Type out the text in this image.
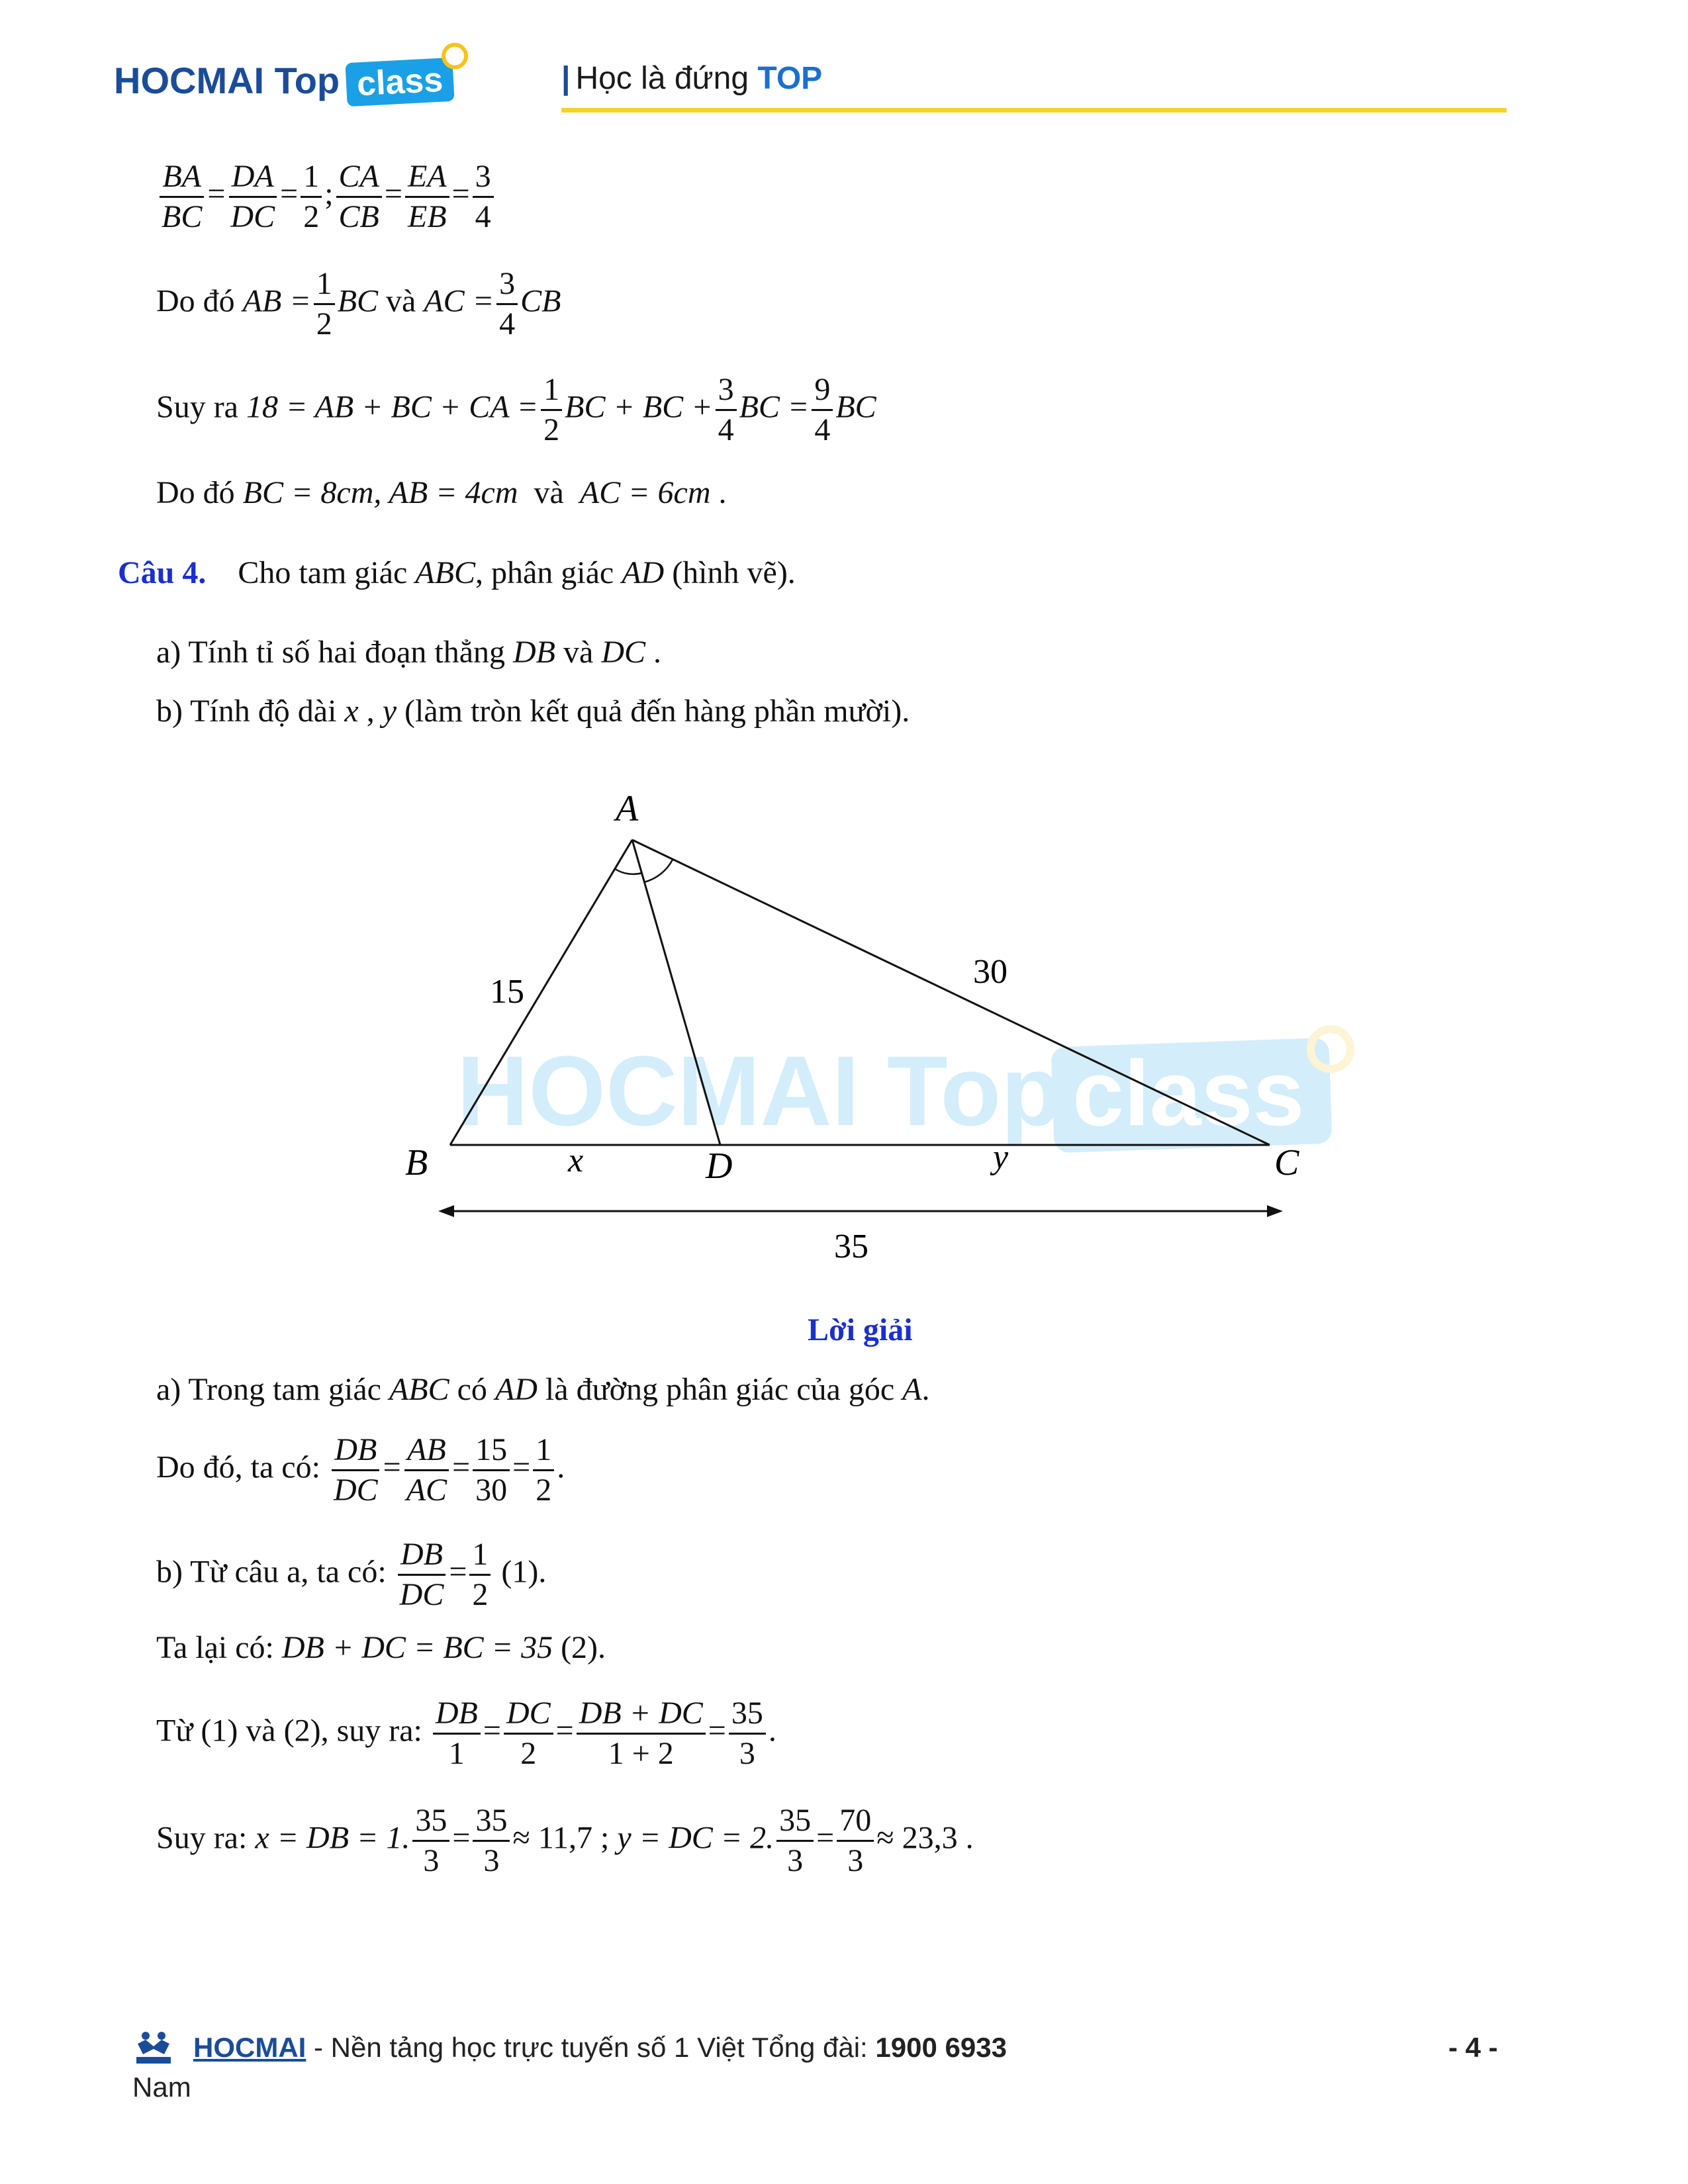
HOCMAI Top class	| Học là đứng TOP
$\frac{BA}{BC} = \frac{DA}{DC} = \frac{1}{2}$ ; $\frac{CA}{CB} = \frac{EA}{EB} = \frac{3}{4}$
Do đó AB = $\frac{1}{2}$ BC và AC = $\frac{3}{4}$ CB
Suy ra 18 = AB + BC + CA = $\frac{1}{2}$ BC + BC + $\frac{3}{4}$ BC = $\frac{9}{4}$ BC
Do đó BC = 8cm, AB = 4cm và AC = 6cm .
Câu 4. Cho tam giác ABC, phân giác AD (hình vẽ).
a) Tính tỉ số hai đoạn thẳng DB và DC .
b) Tính độ dài x , y (làm tròn kết quả đến hàng phần mười).
HOCMAI Top class
A
B	C
D
15
30
x	y
35
Lời giải
a) Trong tam giác ABC có AD là đường phân giác của góc A.
Do đó, ta có: $\frac{DB}{DC} = \frac{AB}{AC} = \frac{15}{30} = \frac{1}{2}$ .
b) Từ câu a, ta có: $\frac{DB}{DC} = \frac{1}{2} (1)$.
Ta lại có: DB + DC = BC = 35 (2).
Từ (1) và (2), suy ra: $\frac{DB}{1} = \frac{DC}{2} = \frac{DB + DC}{1 + 2} = \frac{35}{3}$ .
Suy ra: x = DB = 1. $\frac{35}{3} = \frac{35}{3} \approx 11,7$ ; y = DC = 2. $\frac{35}{3} = \frac{70}{3} \approx 23,3$ .
HOCMAI - Nền tảng học trực tuyến số 1 Việt Tổng đài: 1900 6933
Nam
- 4 -
